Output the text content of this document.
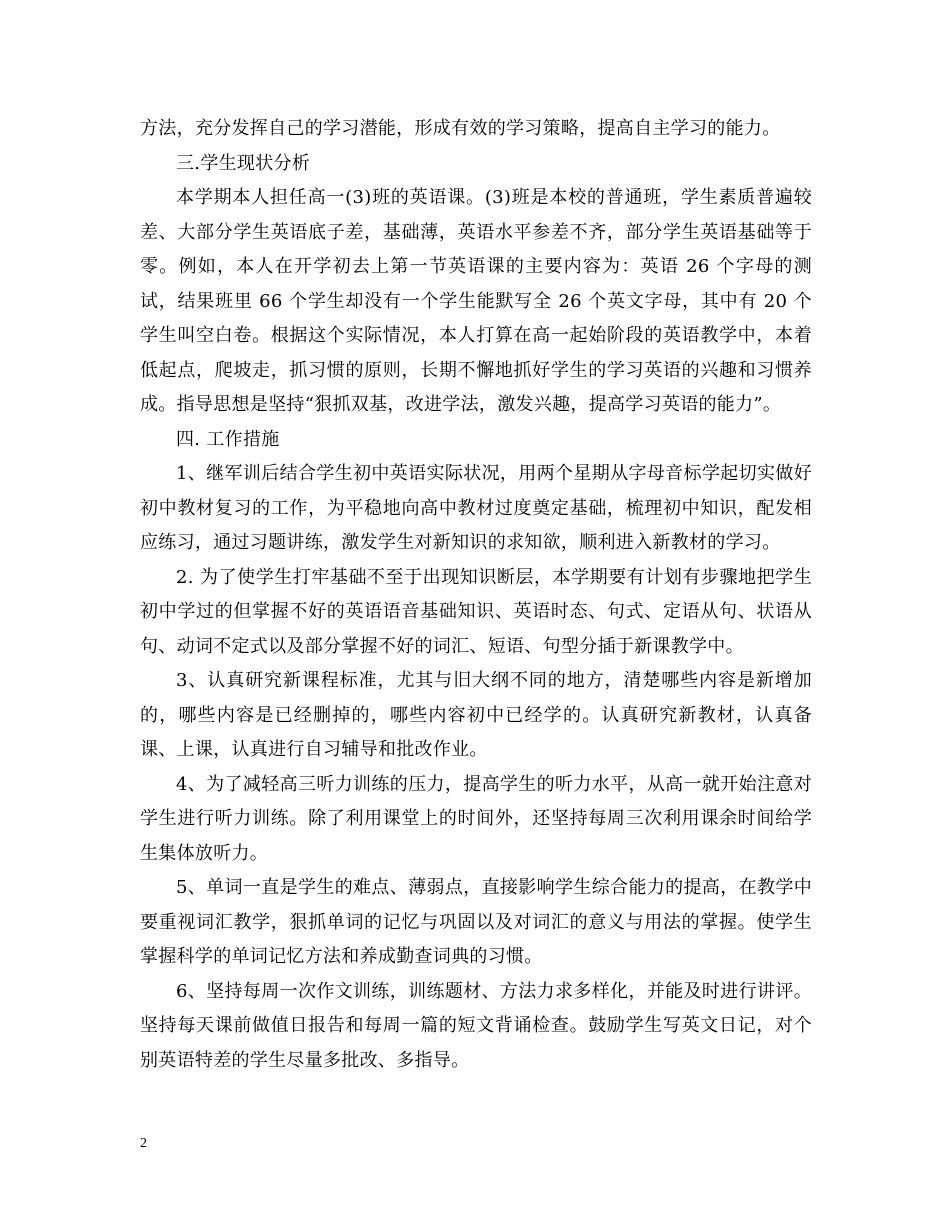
方法，充分发挥自己的学习潜能，形成有效的学习策略，提高自主学习的能力。

三.学生现状分析

本学期本人担任高一(3)班的英语课。(3)班是本校的普通班，学生素质普遍较差、大部分学生英语底子差，基础薄，英语水平参差不齐，部分学生英语基础等于零。例如，本人在开学初去上第一节英语课的主要内容为：英语 26 个字母的测试，结果班里 66 个学生却没有一个学生能默写全 26 个英文字母，其中有 20 个学生叫空白卷。根据这个实际情况，本人打算在高一起始阶段的英语教学中，本着低起点，爬坡走，抓习惯的原则，长期不懈地抓好学生的学习英语的兴趣和习惯养成。指导思想是坚持“狠抓双基，改进学法，激发兴趣，提高学习英语的能力”。

四. 工作措施

1、继军训后结合学生初中英语实际状况，用两个星期从字母音标学起切实做好初中教材复习的工作，为平稳地向高中教材过度奠定基础，梳理初中知识，配发相应练习，通过习题讲练，激发学生对新知识的求知欲，顺利进入新教材的学习。

2. 为了使学生打牢基础不至于出现知识断层，本学期要有计划有步骤地把学生初中学过的但掌握不好的英语语音基础知识、英语时态、句式、定语从句、状语从句、动词不定式以及部分掌握不好的词汇、短语、句型分插于新课教学中。

3、认真研究新课程标准，尤其与旧大纲不同的地方，清楚哪些内容是新增加的，哪些内容是已经删掉的，哪些内容初中已经学的。认真研究新教材，认真备课、上课，认真进行自习辅导和批改作业。

4、为了减轻高三听力训练的压力，提高学生的听力水平，从高一就开始注意对学生进行听力训练。除了利用课堂上的时间外，还坚持每周三次利用课余时间给学生集体放听力。

5、单词一直是学生的难点、薄弱点，直接影响学生综合能力的提高，在教学中要重视词汇教学，狠抓单词的记忆与巩固以及对词汇的意义与用法的掌握。使学生掌握科学的单词记忆方法和养成勤查词典的习惯。

6、坚持每周一次作文训练，训练题材、方法力求多样化，并能及时进行讲评。坚持每天课前做值日报告和每周一篇的短文背诵检查。鼓励学生写英文日记，对个别英语特差的学生尽量多批改、多指导。

2
